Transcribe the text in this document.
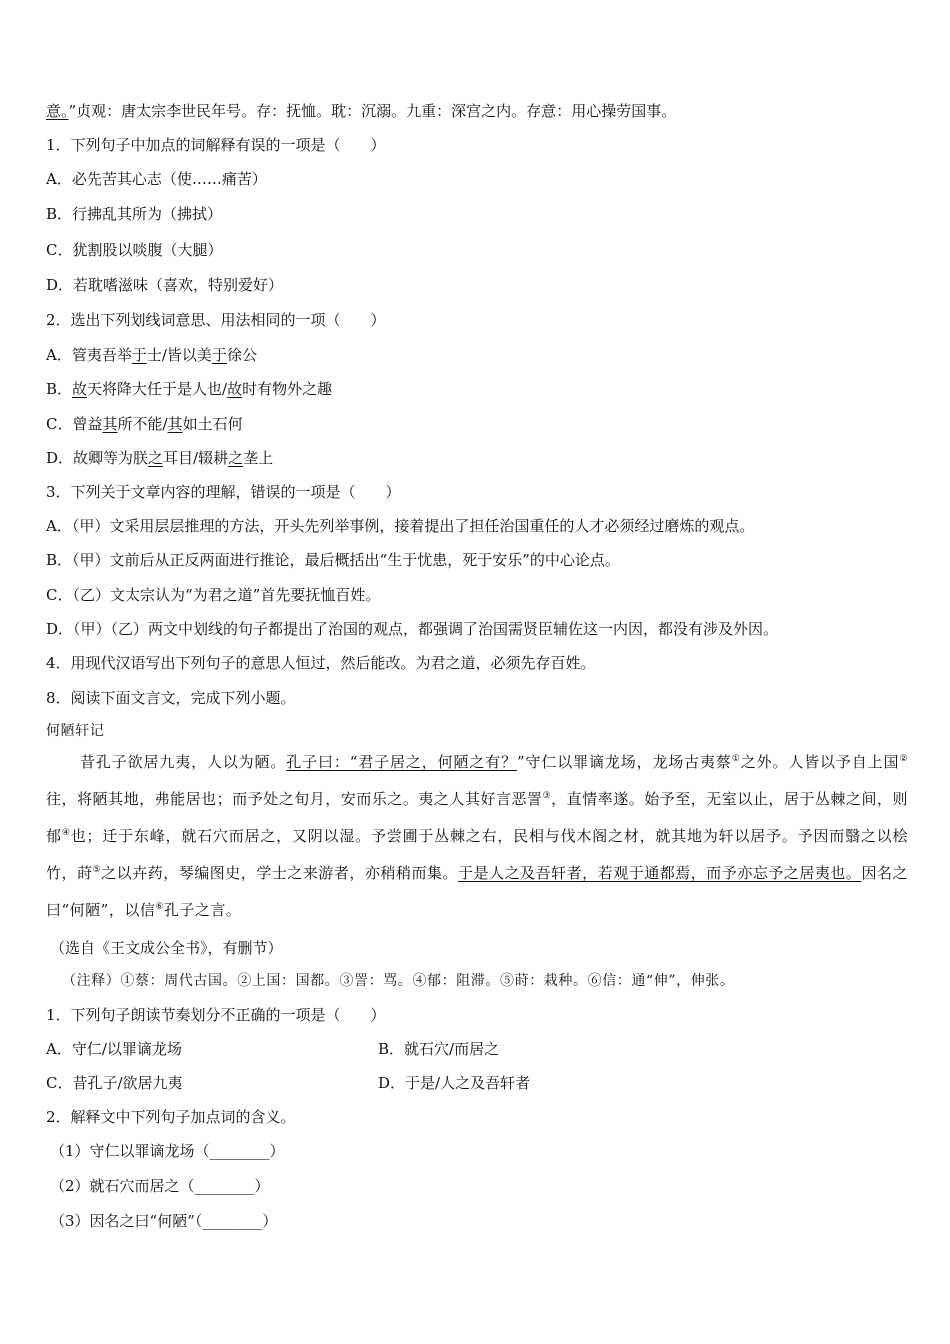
意。”贞观：唐太宗李世民年号。存：抚恤。耽：沉溺。九重：深宫之内。存意：用心操劳国事。
1．下列句子中加点的词解释有误的一项是（　　）
A．必先苦其心志（使……痛苦）
B．行拂乱其所为（拂拭）
C．犹割股以啖腹（大腿）
D．若耽嗜滋味（喜欢，特别爱好）
2．选出下列划线词意思、用法相同的一项（　　）
A．管夷吾举于士/皆以美于徐公
B．故天将降大任于是人也/故时有物外之趣
C．曾益其所不能/其如土石何
D．故卿等为朕之耳目/辍耕之垄上
3．下列关于文章内容的理解，错误的一项是（　　）
A．（甲）文采用层层推理的方法，开头先列举事例，接着提出了担任治国重任的人才必须经过磨炼的观点。
B．（甲）文前后从正反两面进行推论，最后概括出“生于忧患，死于安乐”的中心论点。
C．（乙）文太宗认为“为君之道”首先要抚恤百姓。
D．（甲）（乙）两文中划线的句子都提出了治国的观点，都强调了治国需贤臣辅佐这一内因，都没有涉及外因。
4．用现代汉语写出下列句子的意思人恒过，然后能改。为君之道，必须先存百姓。
8．阅读下面文言文，完成下列小题。
何陋轩记
昔孔子欲居九夷，人以为陋。孔子曰：“君子居之，何陋之有？”守仁以罪谪龙场，龙场古夷蔡①之外。人皆以予自上国②往，将陋其地，弗能居也；而予处之旬月，安而乐之。夷之人其好言恶詈③，直情率遂。始予至，无室以止，居于丛棘之间，则郁④也；迁于东峰，就石穴而居之，又阴以湿。予尝圃于丛棘之右，民相与伐木阁之材，就其地为轩以居予。予因而翳之以桧竹，莳⑤之以卉药，琴编图史，学士之来游者，亦稍稍而集。于是人之及吾轩者，若观于通都焉，而予亦忘予之居夷也。因名之曰“何陋”，以信⑥孔子之言。
（选自《王文成公全书》，有删节）
（注释）①蔡：周代古国。②上国：国都。③詈：骂。④郁：阻滞。⑤莳：栽种。⑥信：通“伸”，伸张。
1．下列句子朗读节奏划分不正确的一项是（　　）
A．守仁/以罪谪龙场	B．就石穴/而居之
C．昔孔子/欲居九夷	D．于是/人之及吾轩者
2．解释文中下列句子加点词的含义。
（1）守仁以罪谪龙场（________）
（2）就石穴而居之（________）
（3）因名之曰“何陋”（________）
